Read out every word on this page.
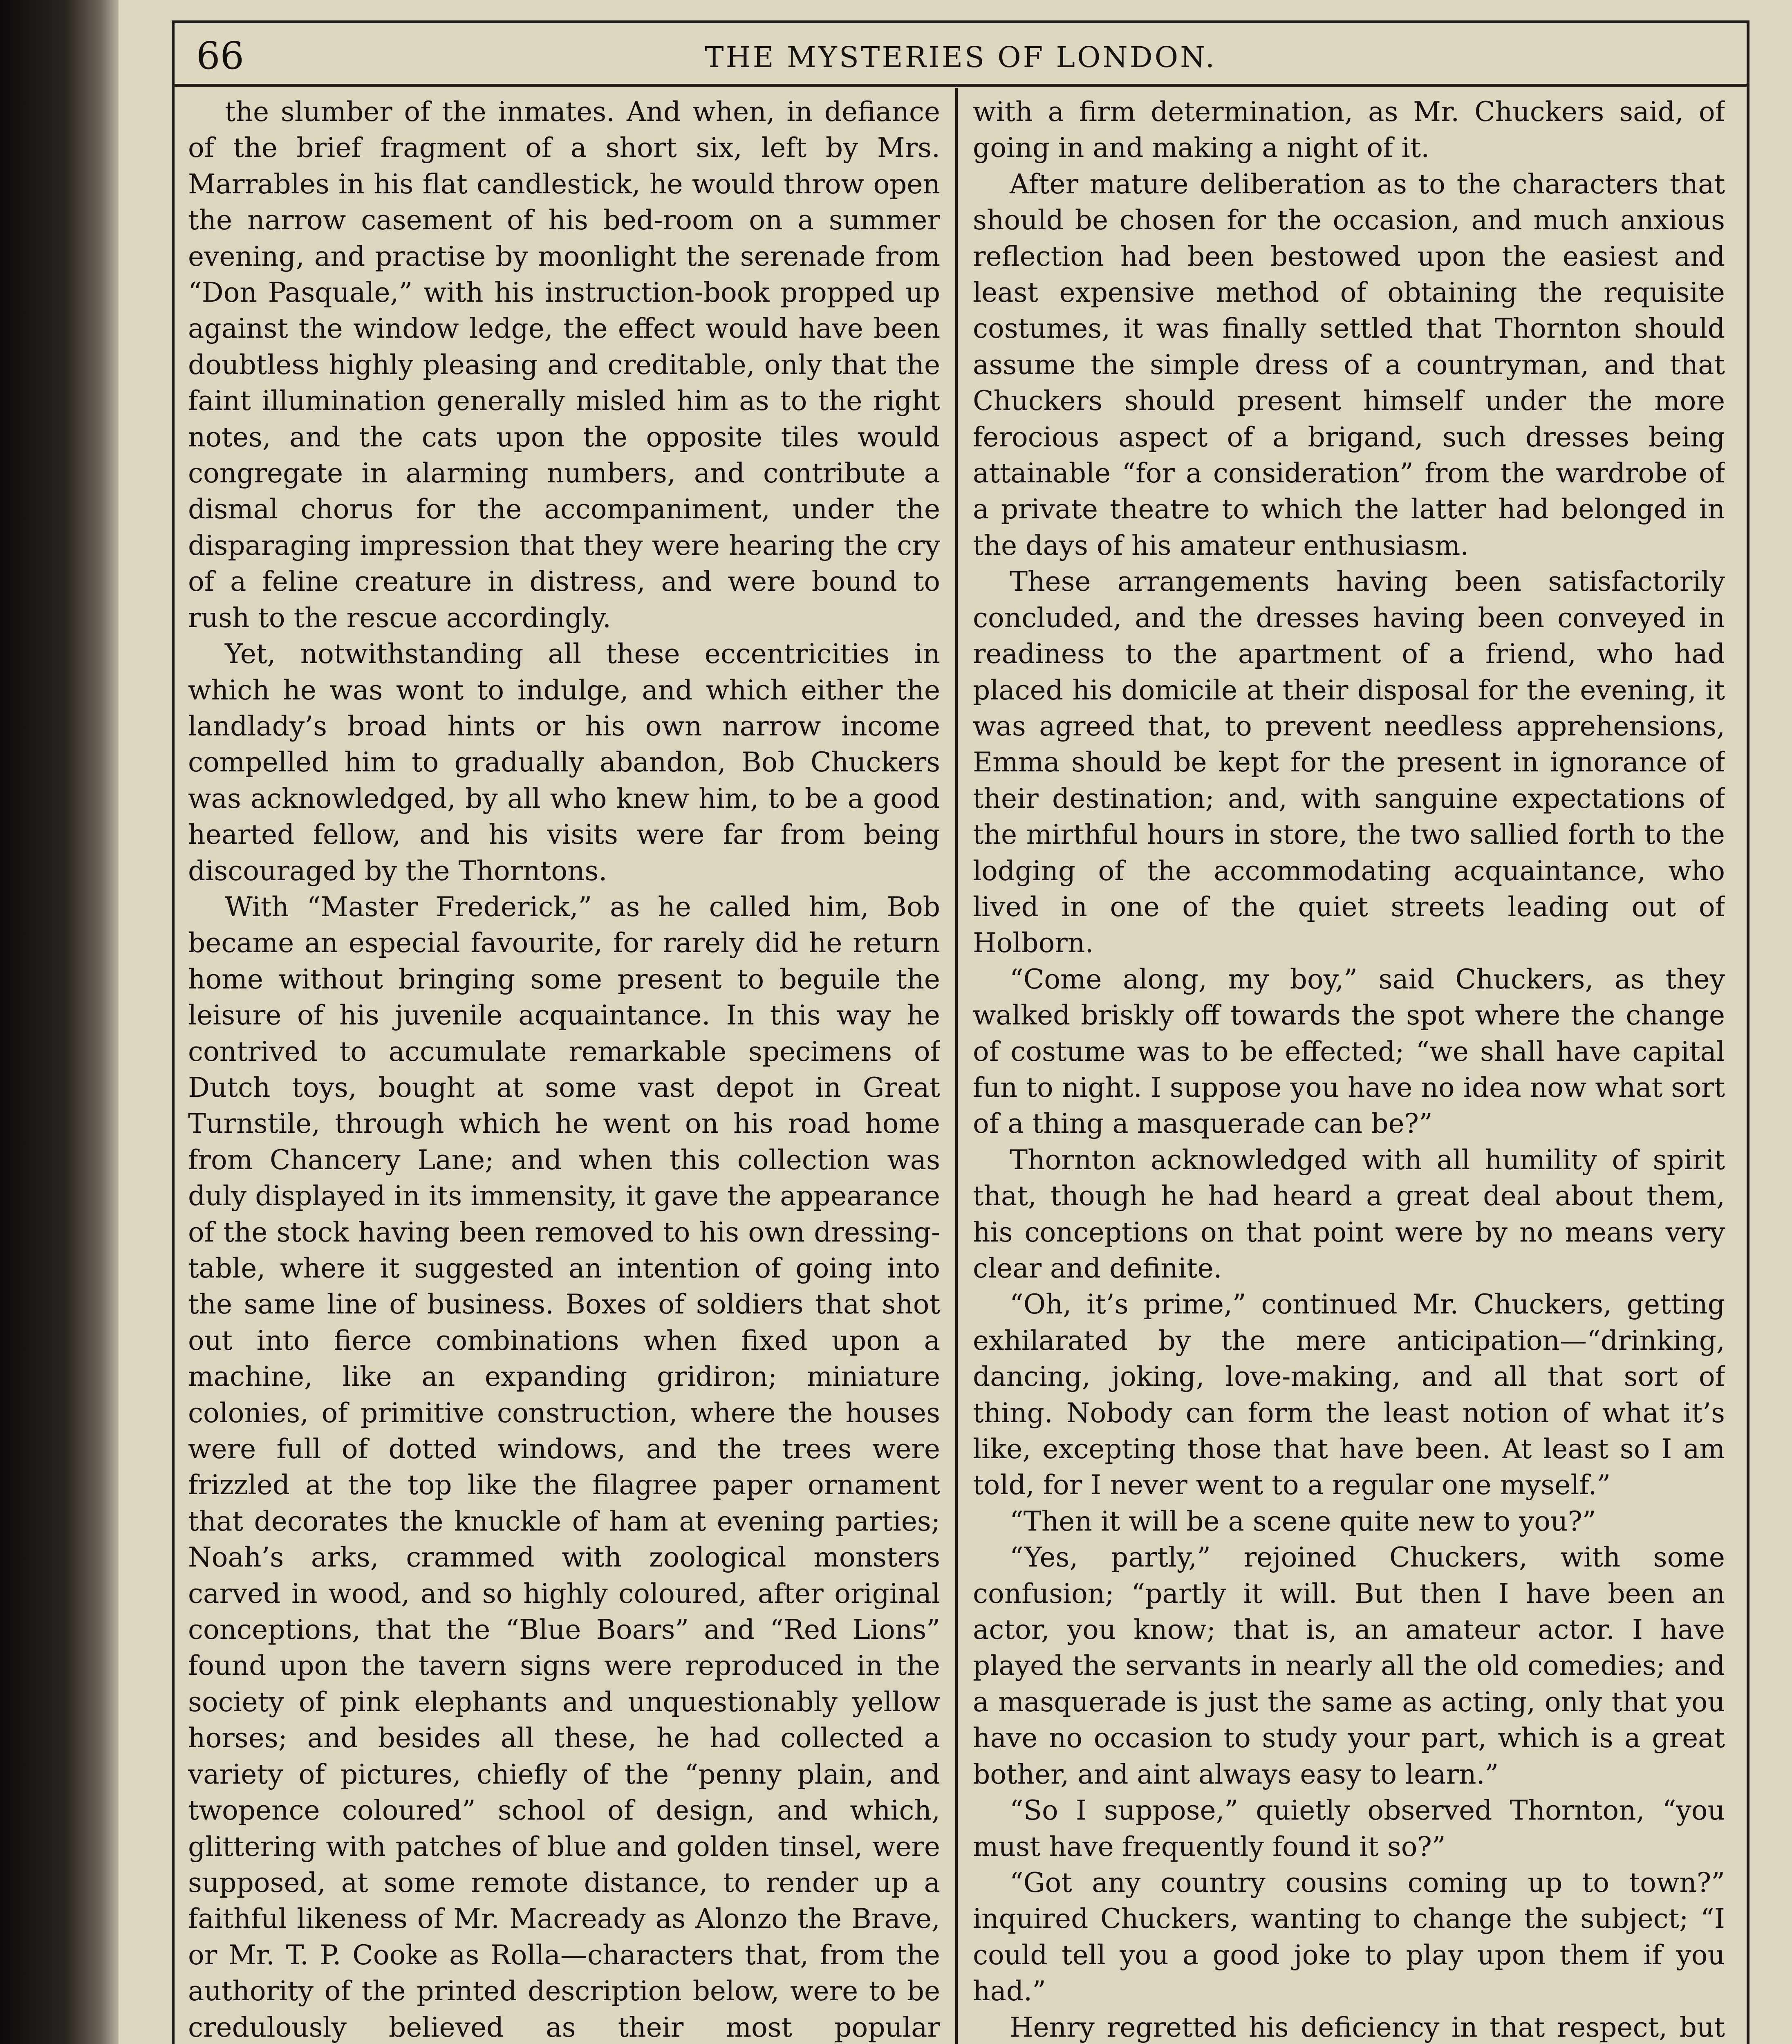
66	THE MYSTERIES OF LONDON.

the slumber of the inmates. And when, in defiance of the brief fragment of a short six, left by Mrs. Marrables in his flat candlestick, he would throw open the narrow casement of his bed-room on a summer evening, and practise by moonlight the serenade from “Don Pasquale,” with his instruction-book propped up against the window ledge, the effect would have been doubtless highly pleasing and creditable, only that the faint illumination generally misled him as to the right notes, and the cats upon the opposite tiles would congregate in alarming numbers, and contribute a dismal chorus for the accompaniment, under the disparaging impression that they were hearing the cry of a feline creature in distress, and were bound to rush to the rescue accordingly.

Yet, notwithstanding all these eccentricities in which he was wont to indulge, and which either the landlady’s broad hints or his own narrow income compelled him to gradually abandon, Bob Chuckers was acknowledged, by all who knew him, to be a good hearted fellow, and his visits were far from being discouraged by the Thorntons.

With “Master Frederick,” as he called him, Bob became an especial favourite, for rarely did he return home without bringing some present to beguile the leisure of his juvenile acquaintance. In this way he contrived to accumulate remarkable specimens of Dutch toys, bought at some vast depot in Great Turnstile, through which he went on his road home from Chancery Lane; and when this collection was duly displayed in its immensity, it gave the appearance of the stock having been removed to his own dressing-table, where it suggested an intention of going into the same line of business. Boxes of soldiers that shot out into fierce combinations when fixed upon a machine, like an expanding gridiron; miniature colonies, of primitive construction, where the houses were full of dotted windows, and the trees were frizzled at the top like the filagree paper ornament that decorates the knuckle of ham at evening parties; Noah’s arks, crammed with zoological monsters carved in wood, and so highly coloured, after original conceptions, that the “Blue Boars” and “Red Lions” found upon the tavern signs were reproduced in the society of pink elephants and unquestionably yellow horses; and besides all these, he had collected a variety of pictures, chiefly of the “penny plain, and twopence coloured” school of design, and which, glittering with patches of blue and golden tinsel, were supposed, at some remote distance, to render up a faithful likeness of Mr. Macready as Alonzo the Brave, or Mr. T. P. Cooke as Rolla—characters that, from the authority of the printed description below, were to be credulously believed as their most popular

with a firm determination, as Mr. Chuckers said, of going in and making a night of it.

After mature deliberation as to the characters that should be chosen for the occasion, and much anxious reflection had been bestowed upon the easiest and least expensive method of obtaining the requisite costumes, it was finally settled that Thornton should assume the simple dress of a countryman, and that Chuckers should present himself under the more ferocious aspect of a brigand, such dresses being attainable “for a consideration” from the wardrobe of a private theatre to which the latter had belonged in the days of his amateur enthusiasm.

These arrangements having been satisfactorily concluded, and the dresses having been conveyed in readiness to the apartment of a friend, who had placed his domicile at their disposal for the evening, it was agreed that, to prevent needless apprehensions, Emma should be kept for the present in ignorance of their destination; and, with sanguine expectations of the mirthful hours in store, the two sallied forth to the lodging of the accommodating acquaintance, who lived in one of the quiet streets leading out of Holborn.

“Come along, my boy,” said Chuckers, as they walked briskly off towards the spot where the change of costume was to be effected; “we shall have capital fun to night. I suppose you have no idea now what sort of a thing a masquerade can be?”

Thornton acknowledged with all humility of spirit that, though he had heard a great deal about them, his conceptions on that point were by no means very clear and definite.

“Oh, it’s prime,” continued Mr. Chuckers, getting exhilarated by the mere anticipation—“drinking, dancing, joking, love-making, and all that sort of thing. Nobody can form the least notion of what it’s like, excepting those that have been. At least so I am told, for I never went to a regular one myself.”

“Then it will be a scene quite new to you?”

“Yes, partly,” rejoined Chuckers, with some confusion; “partly it will. But then I have been an actor, you know; that is, an amateur actor. I have played the servants in nearly all the old comedies; and a masquerade is just the same as acting, only that you have no occasion to study your part, which is a great bother, and aint always easy to learn.”

“So I suppose,” quietly observed Thornton, “you must have frequently found it so?”

“Got any country cousins coming up to town?” inquired Chuckers, wanting to change the subject; “I could tell you a good joke to play upon them if you had.”

Henry regretted his deficiency in that respect, but
